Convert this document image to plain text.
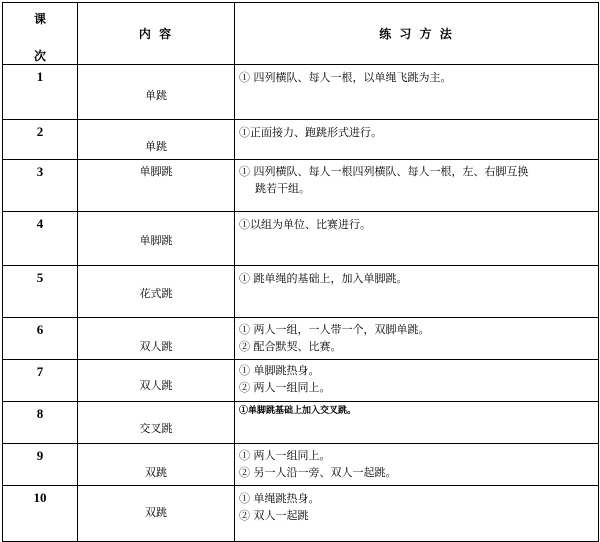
课
次	内 容	练 习 方 法
1	单跳	① 四列横队、每人一根，以单绳飞跳为主。

2	单跳	①正面接力、跑跳形式进行。

3	单脚跳	① 四列横队、每人一根四列横队、每人一根，左、右脚互换
跳若干组。

4	单脚跳	①以组为单位、比赛进行。

5	花式跳	① 跳单绳的基础上，加入单脚跳。

6	双人跳	① 两人一组，一人带一个，双脚单跳。
② 配合默契、比赛。

7	双人跳	① 单脚跳热身。
② 两人一组同上。

8	交叉跳	①单脚跳基础上加入交叉跳。

9	双跳	① 两人一组同上。
② 另一人沿一旁、双人一起跳。

10	双跳	① 单绳跳热身。
② 双人一起跳
